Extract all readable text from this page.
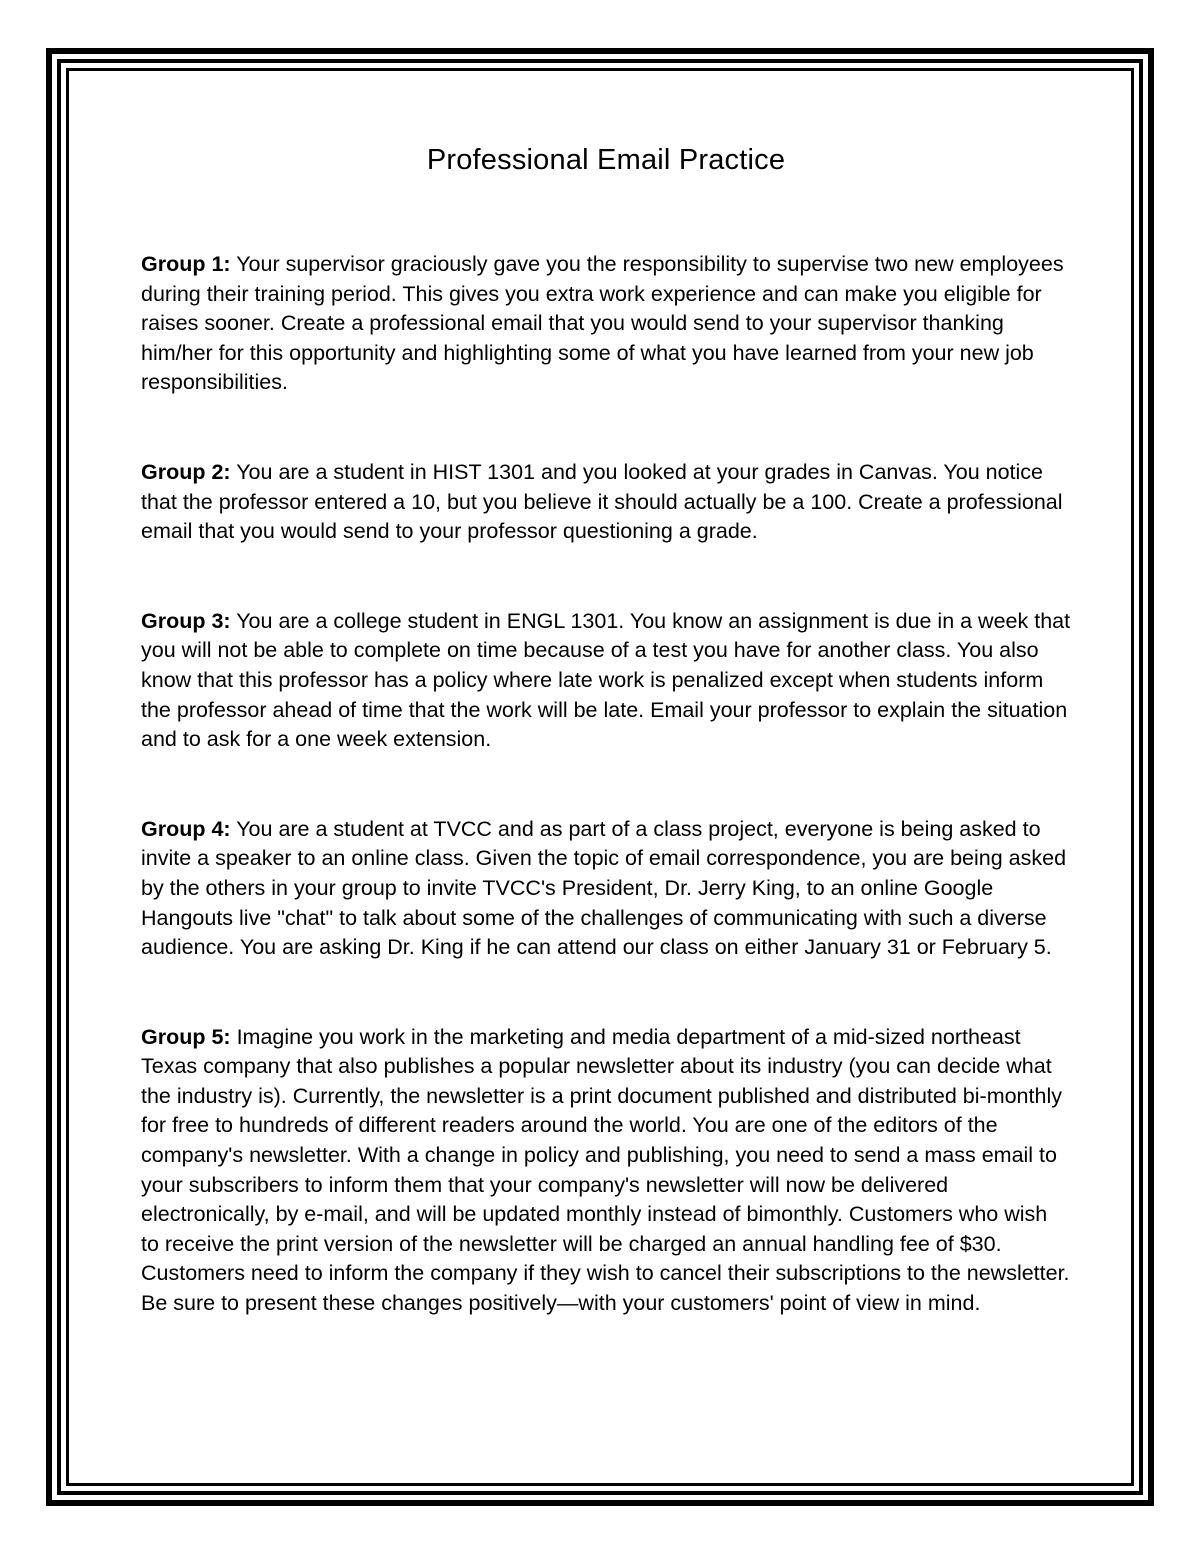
Professional Email Practice

Group 1: Your supervisor graciously gave you the responsibility to supervise two new employees during their training period. This gives you extra work experience and can make you eligible for raises sooner. Create a professional email that you would send to your supervisor thanking him/her for this opportunity and highlighting some of what you have learned from your new job responsibilities.

Group 2: You are a student in HIST 1301 and you looked at your grades in Canvas. You notice that the professor entered a 10, but you believe it should actually be a 100. Create a professional email that you would send to your professor questioning a grade.

Group 3: You are a college student in ENGL 1301. You know an assignment is due in a week that you will not be able to complete on time because of a test you have for another class. You also know that this professor has a policy where late work is penalized except when students inform the professor ahead of time that the work will be late. Email your professor to explain the situation and to ask for a one week extension.

Group 4: You are a student at TVCC and as part of a class project, everyone is being asked to invite a speaker to an online class. Given the topic of email correspondence, you are being asked by the others in your group to invite TVCC's President, Dr. Jerry King, to an online Google Hangouts live "chat" to talk about some of the challenges of communicating with such a diverse audience. You are asking Dr. King if he can attend our class on either January 31 or February 5.

Group 5: Imagine you work in the marketing and media department of a mid-sized northeast Texas company that also publishes a popular newsletter about its industry (you can decide what the industry is). Currently, the newsletter is a print document published and distributed bi-monthly for free to hundreds of different readers around the world. You are one of the editors of the company's newsletter. With a change in policy and publishing, you need to send a mass email to your subscribers to inform them that your company's newsletter will now be delivered electronically, by e-mail, and will be updated monthly instead of bimonthly. Customers who wish to receive the print version of the newsletter will be charged an annual handling fee of $30. Customers need to inform the company if they wish to cancel their subscriptions to the newsletter. Be sure to present these changes positively—with your customers' point of view in mind.
